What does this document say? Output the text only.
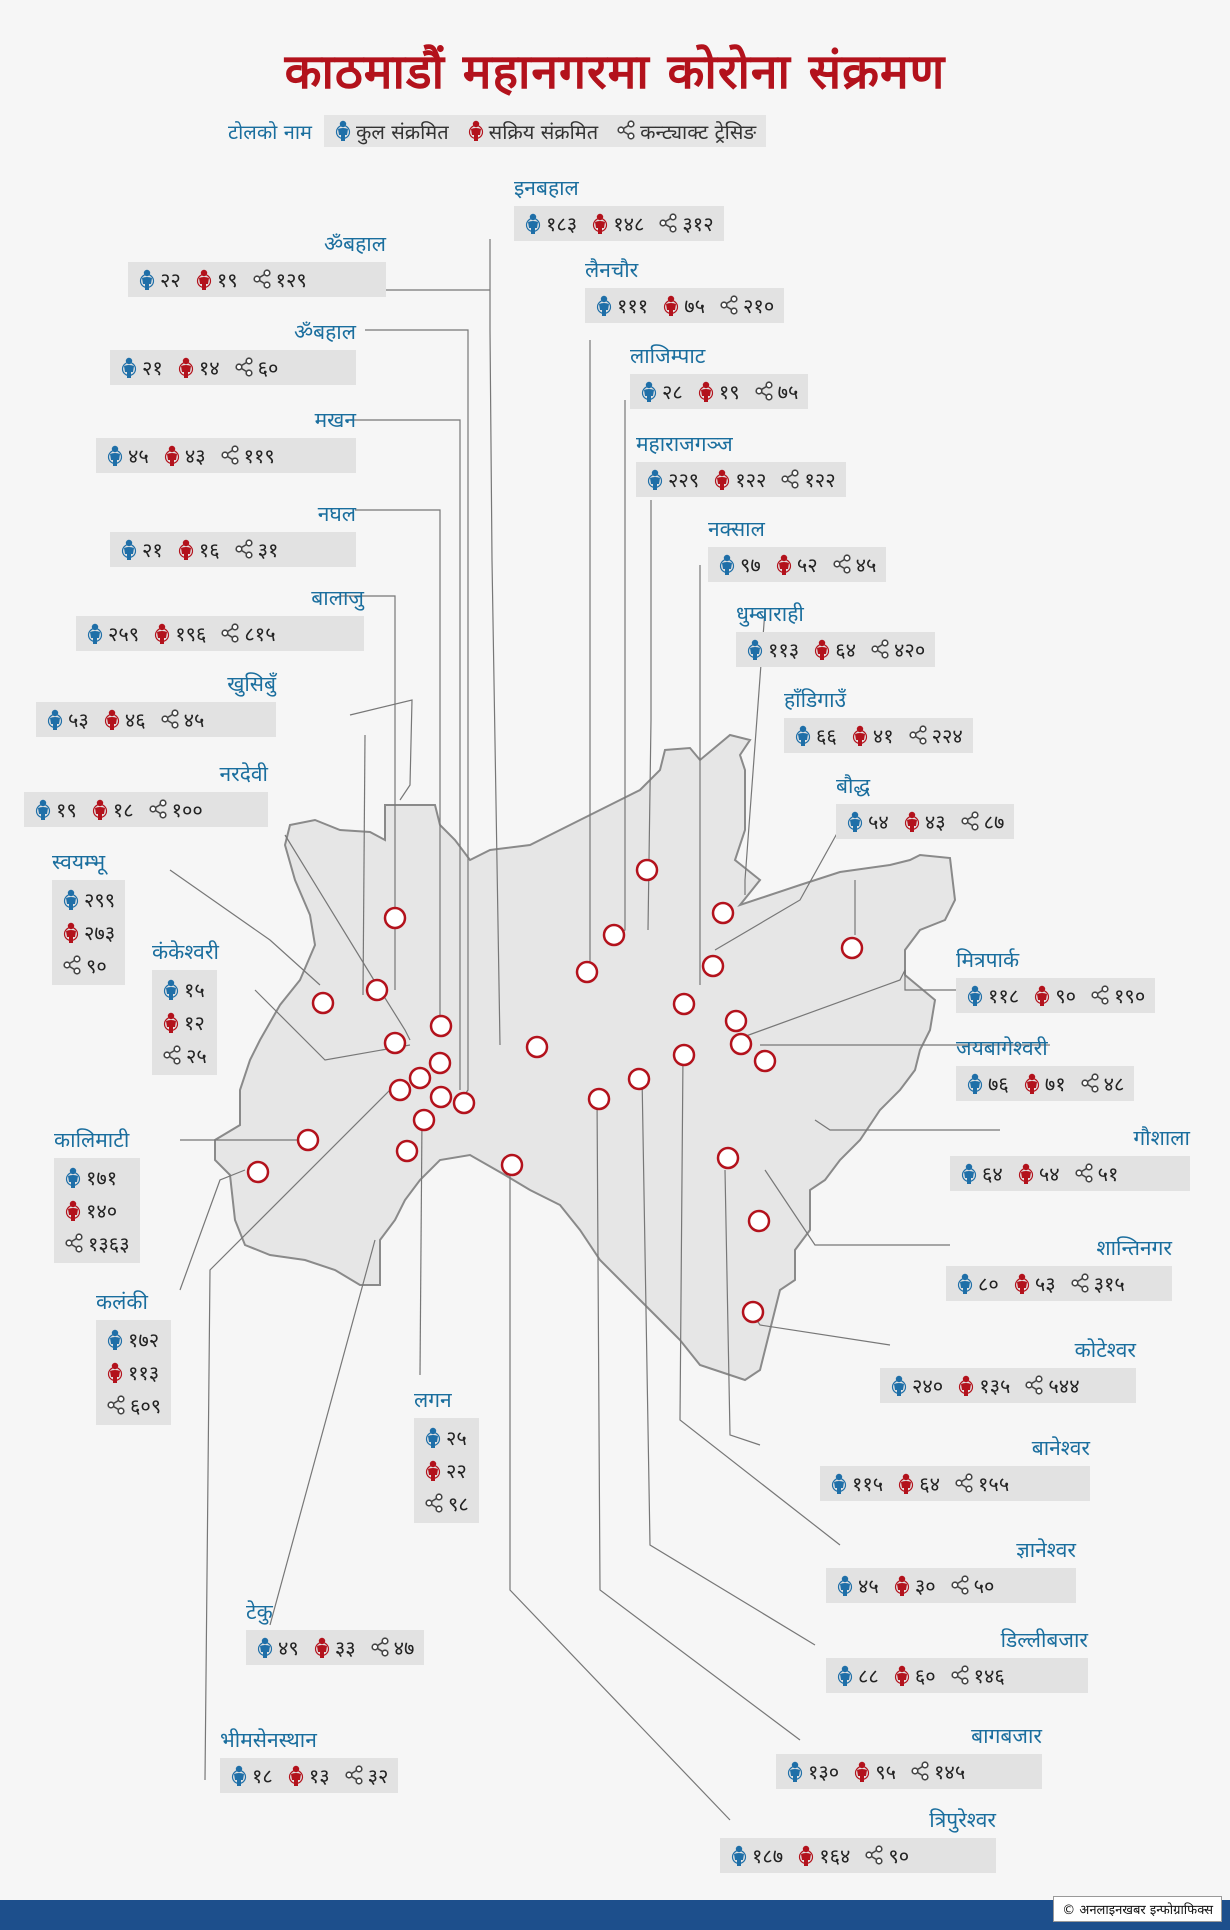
काठमाडौं महानगरमा कोरोना संक्रमण
टोलको नाम कुल संक्रमित सक्रिय संक्रमित कन्ट्याक्ट ट्रेसिङ
इनबहाल
१८३ १४८ ३१२
ॐबहाल
२२ १९ १२९	लैनचौर
१११ ७५ २१०
ॐबहाल
२१ १४ ६०	लाजिम्पाट
२८ १९ ७५
मखन
४५ ४३ ११९	महाराजगञ्ज
२२९ १२२ १२२
नघल
२१ १६ ३१
नक्साल
९७ ५२ ४५
बालाजु
२५९ १९६ ८१५
धुम्बाराही
११३ ६४ ४२०
खुसिबुँ
५३ ४६ ४५
हाँडिगाउँ
६६ ४१ २२४
नरदेवी
१९ १८ १००
बौद्ध
५४ ४३ ८७
स्वयम्भू
२९९
२७३
९०
कंकेश्वरी
१५
१२
२५
मित्रपार्क
११८ ९० १९०
जयबागेश्वरी
७६ ७१ ४८
कालिमाटी
१७१
१४०
१३६३
गौशाला
६४ ५४ ५१
शान्तिनगर
८० ५३ ३१५
कलंकी
१७२
११३
६०९
कोटेश्वर
२४० १३५ ५४४
लगन
२५
२२
९८
बानेश्वर
११५ ६४ १५५
ज्ञानेश्वर
४५ ३० ५०
टेकु
४९ ३३ ४७	डिल्लीबजार
८८ ६० १४६
भीमसेनस्थान
१८ १३ ३२
बागबजार
१३० ९५ १४५
त्रिपुरेश्वर
१८७ १६४ ९०
© अनलाइनखबर इन्फोग्राफिक्स
